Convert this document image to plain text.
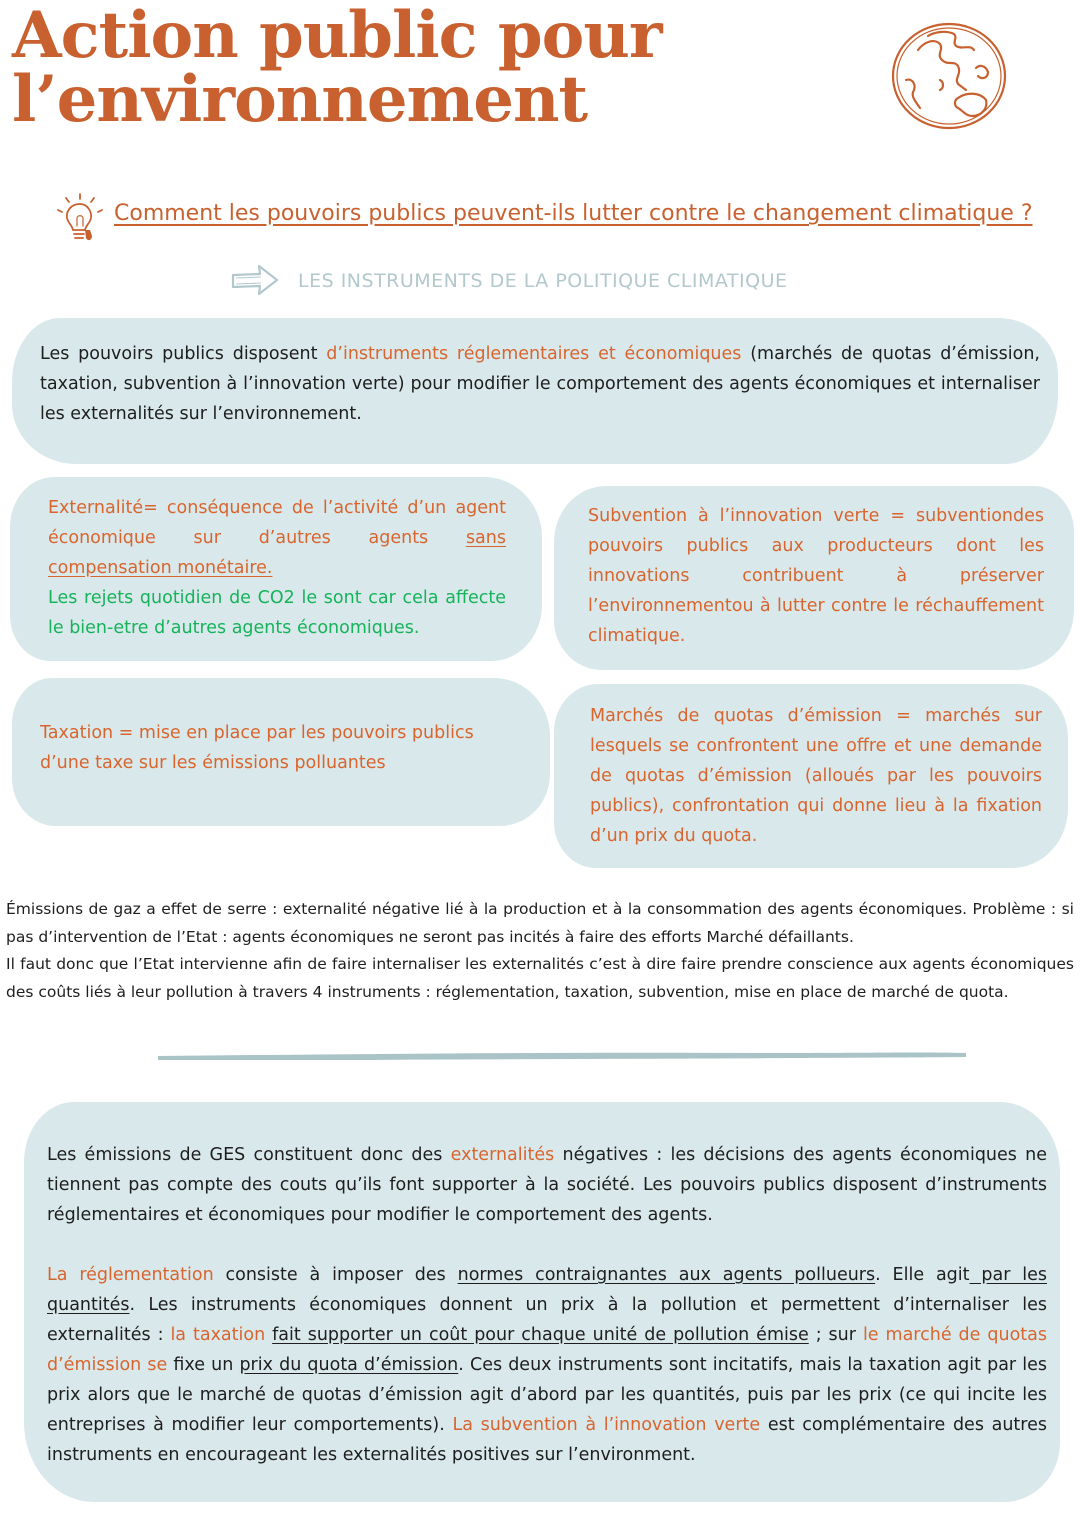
Action public pour
l’environnement
Comment les pouvoirs publics peuvent-ils lutter contre le changement climatique ?
LES INSTRUMENTS DE LA POLITIQUE CLIMATIQUE
Les pouvoirs publics disposent d’instruments réglementaires et économiques (marchés de quotas d’émission, taxation, subvention à l’innovation verte) pour modifier le comportement des agents économiques et internaliser les externalités sur l’environnement.
Externalité= conséquence de l’activité d’un agent économique sur d’autres agents sans compensation monétaire.
Les rejets quotidien de CO2 le sont car cela affecte le bien-etre d’autres agents économiques.
Subvention à l’innovation verte = subventiondes pouvoirs publics aux producteurs dont les innovations contribuent à préserver l’environnementou à lutter contre le réchauffement climatique.
Taxation = mise en place par les pouvoirs publics d’une taxe sur les émissions polluantes
Marchés de quotas d’émission = marchés sur lesquels se confrontent une offre et une demande de quotas d’émission (alloués par les pouvoirs publics), confrontation qui donne lieu à la fixation d’un prix du quota.
Émissions de gaz a effet de serre : externalité négative lié à la production et à la consommation des agents économiques. Problème : si pas d’intervention de l’Etat : agents économiques ne seront pas incités à faire des efforts Marché défaillants.
Il faut donc que l’Etat intervienne afin de faire internaliser les externalités c’est à dire faire prendre conscience aux agents économiques des coûts liés à leur pollution à travers 4 instruments : réglementation, taxation, subvention, mise en place de marché de quota.
Les émissions de GES constituent donc des externalités négatives : les décisions des agents économiques ne tiennent pas compte des couts qu’ils font supporter à la société. Les pouvoirs publics disposent d’instruments réglementaires et économiques pour modifier le comportement des agents.
La réglementation consiste à imposer des normes contraignantes aux agents pollueurs. Elle agit par les quantités. Les instruments économiques donnent un prix à la pollution et permettent d’internaliser les externalités : la taxation fait supporter un coût pour chaque unité de pollution émise ; sur le marché de quotas d’émission se fixe un prix du quota d’émission. Ces deux instruments sont incitatifs, mais la taxation agit par les prix alors que le marché de quotas d’émission agit d’abord par les quantités, puis par les prix (ce qui incite les entreprises à modifier leur comportements). La subvention à l’innovation verte est complémentaire des autres instruments en encourageant les externalités positives sur l’environment.
